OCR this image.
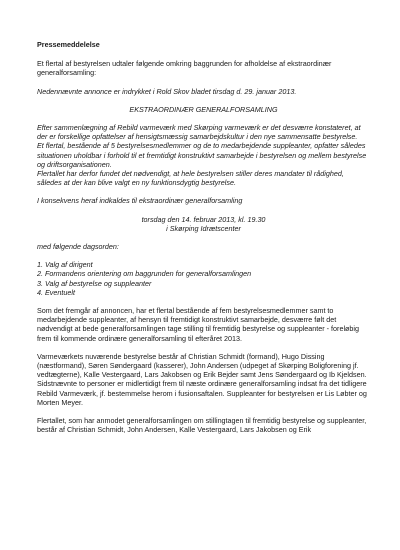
Pressemeddelelse

Et flertal af bestyrelsen udtaler følgende omkring baggrunden for afholdelse af ekstraordinær generalforsamling:

Nedennævnte annonce er indrykket i Rold Skov bladet tirsdag d. 29. januar 2013.

EKSTRAORDINÆR GENERALFORSAMLING

Efter sammenlægning af Rebild varmeværk med Skørping varmeværk er det desværre konstateret, at der er forskellige opfattelser af hensigtsmæssig samarbejdskultur i den nye sammensatte bestyrelse.

Et flertal, bestående af 5 bestyrelsesmedlemmer og de to medarbejdende suppleanter, opfatter således situationen uholdbar i forhold til et fremtidigt konstruktivt samarbejde i bestyrelsen og mellem bestyrelse og driftsorganisationen.

Flertallet har derfor fundet det nødvendigt, at hele bestyrelsen stiller deres mandater til rådighed, således at der kan blive valgt en ny funktionsdygtig bestyrelse.

I konsekvens heraf indkaldes til ekstraordinær generalforsamling

torsdag den 14. februar 2013, kl. 19.30

i Skørping Idrætscenter

med følgende dagsorden:

1. Valg af dirigent
2. Formandens orientering om baggrunden for generalforsamlingen
3. Valg af bestyrelse og suppleanter
4. Eventuelt

Som det fremgår af annoncen, har et flertal bestående af fem bestyrelsesmedlemmer samt to medarbejdende suppleanter, af hensyn til fremtidigt konstruktivt samarbejde, desværre følt det nødvendigt at bede generalforsamlingen tage stilling til fremtidig bestyrelse og suppleanter - foreløbig frem til kommende ordinære generalforsamling til efteråret 2013.

Varmeværkets nuværende bestyrelse består af Christian Schmidt (formand), Hugo Dissing (næstformand), Søren Søndergaard (kasserer), John Andersen (udpeget af Skørping Boligforening jf. vedtægterne), Kalle Vestergaard, Lars Jakobsen og Erik Bejder samt Jens Søndergaard og Ib Kjeldsen. Sidstnævnte to personer er midlertidigt frem til næste ordinære generalforsamling indsat fra det tidligere Rebild Varmeværk, jf. bestemmelse herom i fusionsaftalen. Suppleanter for bestyrelsen er Lis Løbter og Morten Meyer.

Flertallet, som har anmodet generalforsamlingen om stillingtagen til fremtidig bestyrelse og suppleanter, består af Christian Schmidt, John Andersen, Kalle Vestergaard, Lars Jakobsen og Erik
